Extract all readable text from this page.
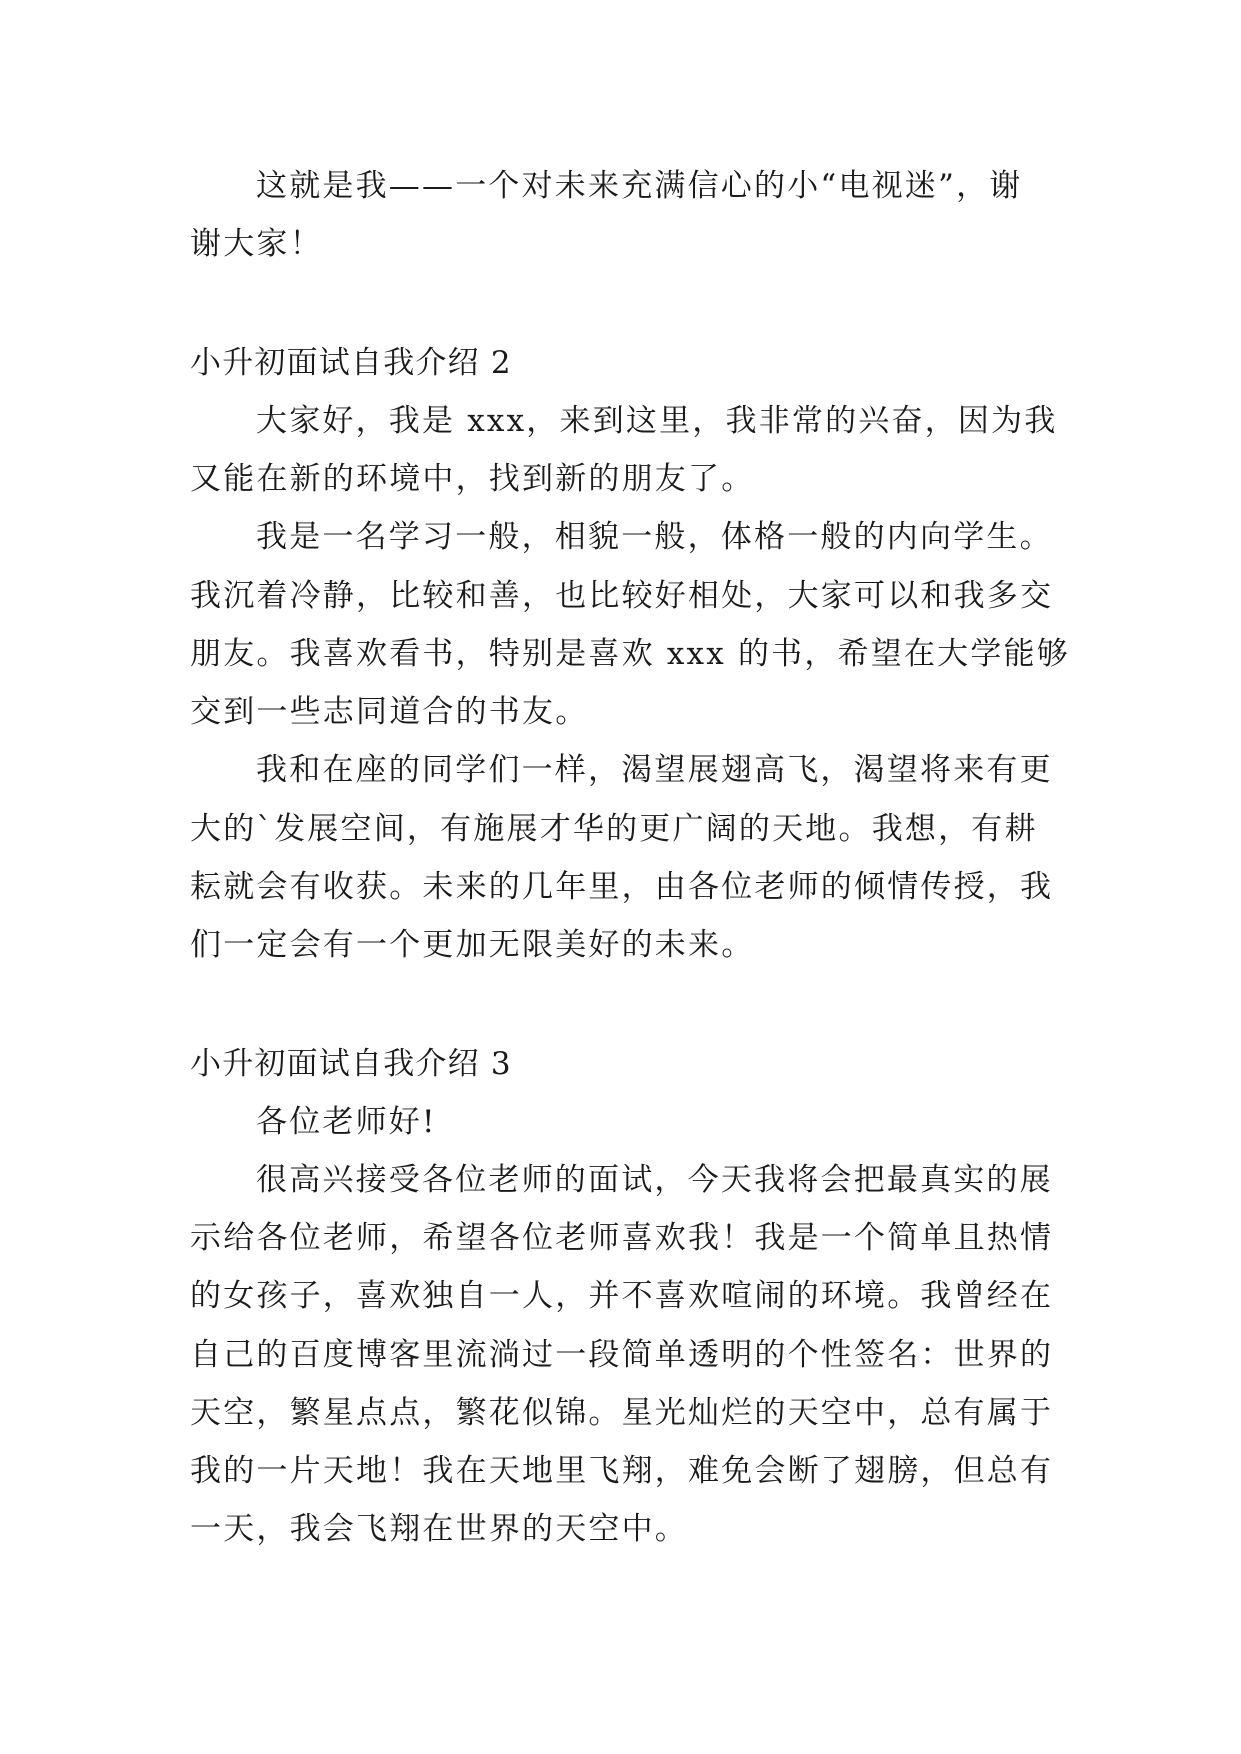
这就是我——一个对未来充满信心的小“电视迷”，谢

谢大家！

小升初面试自我介绍 2

大家好，我是 xxx，来到这里，我非常的兴奋，因为我

又能在新的环境中，找到新的朋友了。

我是一名学习一般，相貌一般，体格一般的内向学生。

我沉着冷静，比较和善，也比较好相处，大家可以和我多交

朋友。我喜欢看书，特别是喜欢 xxx 的书，希望在大学能够

交到一些志同道合的书友。

我和在座的同学们一样，渴望展翅高飞，渴望将来有更

大的`发展空间，有施展才华的更广阔的天地。我想，有耕

耘就会有收获。未来的几年里，由各位老师的倾情传授，我

们一定会有一个更加无限美好的未来。

小升初面试自我介绍 3

各位老师好!

很高兴接受各位老师的面试，今天我将会把最真实的展

示给各位老师，希望各位老师喜欢我！我是一个简单且热情

的女孩子，喜欢独自一人，并不喜欢喧闹的环境。我曾经在

自己的百度博客里流淌过一段简单透明的个性签名：世界的

天空，繁星点点，繁花似锦。星光灿烂的天空中，总有属于

我的一片天地！我在天地里飞翔，难免会断了翅膀，但总有

一天，我会飞翔在世界的天空中。
